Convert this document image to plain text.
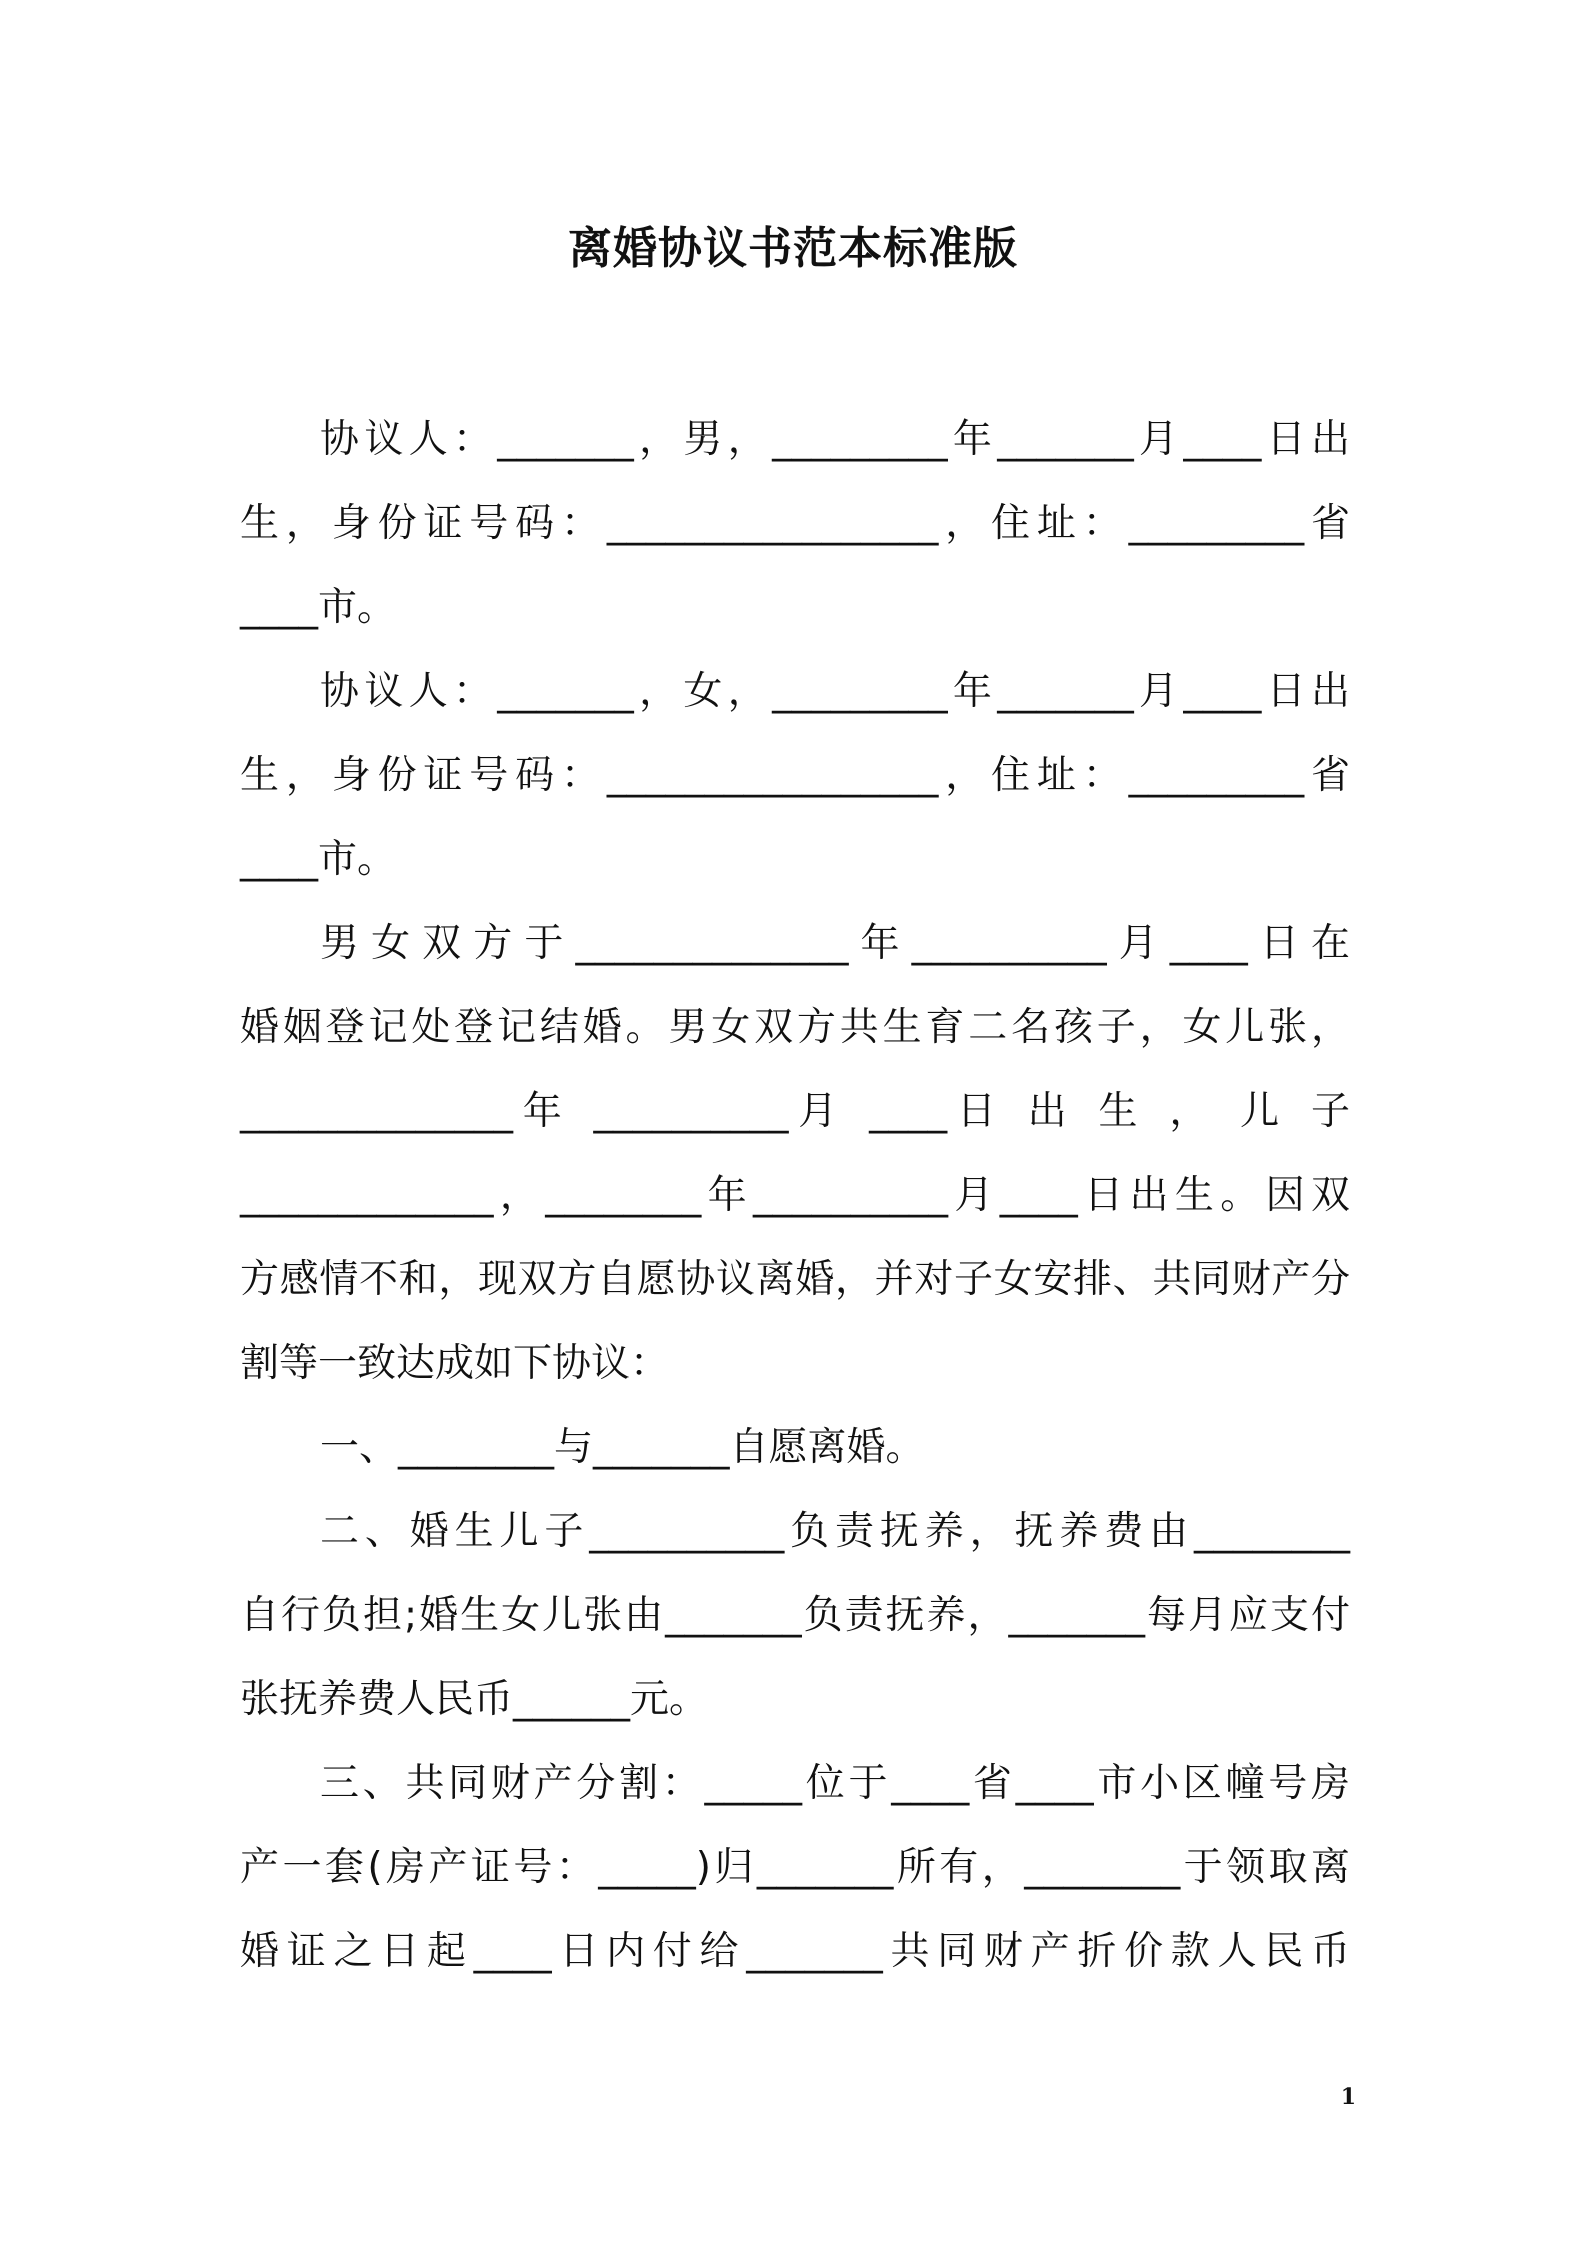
离婚协议书范本标准版
协议人：_______，男，_________年_______月____日出
生，身份证号码：_________________，住址：_________省
____市。
协议人：_______，女，_________年_______月____日出
生，身份证号码：_________________，住址：_________省
____市。
男女双方于______________年__________月____日在
婚姻登记处登记结婚。男女双方共生育二名孩子，女儿张，
______________年 __________月 ____日 出 生 ， 儿 子
_____________，________年__________月____日出生。因双
方感情不和，现双方自愿协议离婚，并对子女安排、共同财产分
割等一致达成如下协议：
一、________与_______自愿离婚。
二、婚生儿子__________负责抚养，抚养费由________
自行负担;婚生女儿张由_______负责抚养，_______每月应支付
张抚养费人民币______元。
三、共同财产分割：_____位于____省____市小区幢号房
产一套(房产证号：_____)归_______所有，________于领取离
婚证之日起____日内付给_______共同财产折价款人民币
1
